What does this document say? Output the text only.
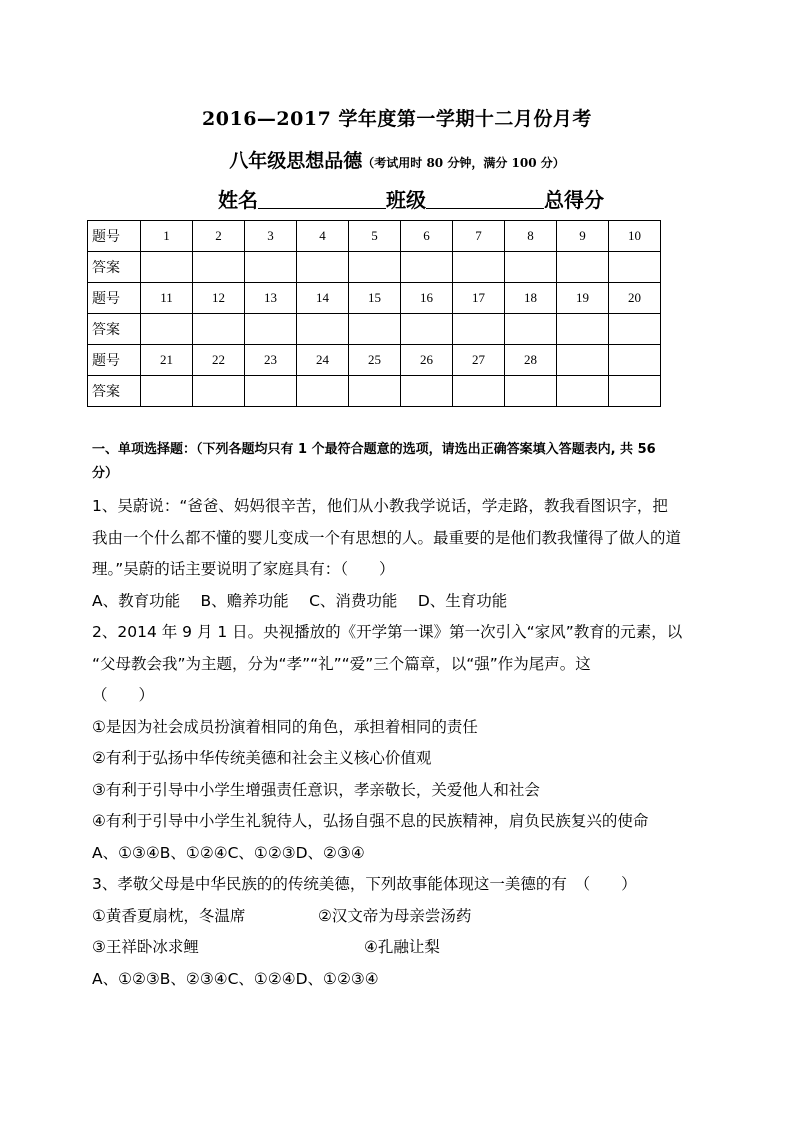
2016—2017 学年度第一学期十二月份月考
八年级思想品德（考试用时 80 分钟，满分 100 分）
姓名	班级	总得分
题号	1	2	3	4	5	6	7	8	9	10
答案										
题号	11	12	13	14	15	16	17	18	19	20
答案										
题号	21	22	23	24	25	26	27	28		
答案										
一、单项选择题：（下列各题均只有 1 个最符合题意的选项，请选出正确答案填入答题表内, 共 56
分）
1、吴蔚说：“爸爸、妈妈很辛苦，他们从小教我学说话，学走路，教我看图识字，把
我由一个什么都不懂的婴儿变成一个有思想的人。最重要的是他们教我懂得了做人的道
理。”吴蔚的话主要说明了家庭具有：（　　）
A、教育功能　 B、赡养功能　 C、消费功能　 D、生育功能
2、2014 年 9 月 1 日。央视播放的《开学第一课》第一次引入“家风”教育的元素，以
“父母教会我”为主题，分为“孝”“礼”“爱”三个篇章，以“强”作为尾声。这
（　　）
①是因为社会成员扮演着相同的角色，承担着相同的责任
②有利于弘扬中华传统美德和社会主义核心价值观
③有利于引导中小学生增强责任意识，孝亲敬长，关爱他人和社会
④有利于引导中小学生礼貌待人，弘扬自强不息的民族精神，肩负民族复兴的使命
A、①③④B、①②④C、①②③D、②③④
3、孝敬父母是中华民族的的传统美德，下列故事能体现这一美德的有　（　　）
①黄香夏扇枕，冬温席	②汉文帝为母亲尝汤药
③王祥卧冰求鲤	④孔融让梨
A、①②③B、②③④C、①②④D、①②③④
